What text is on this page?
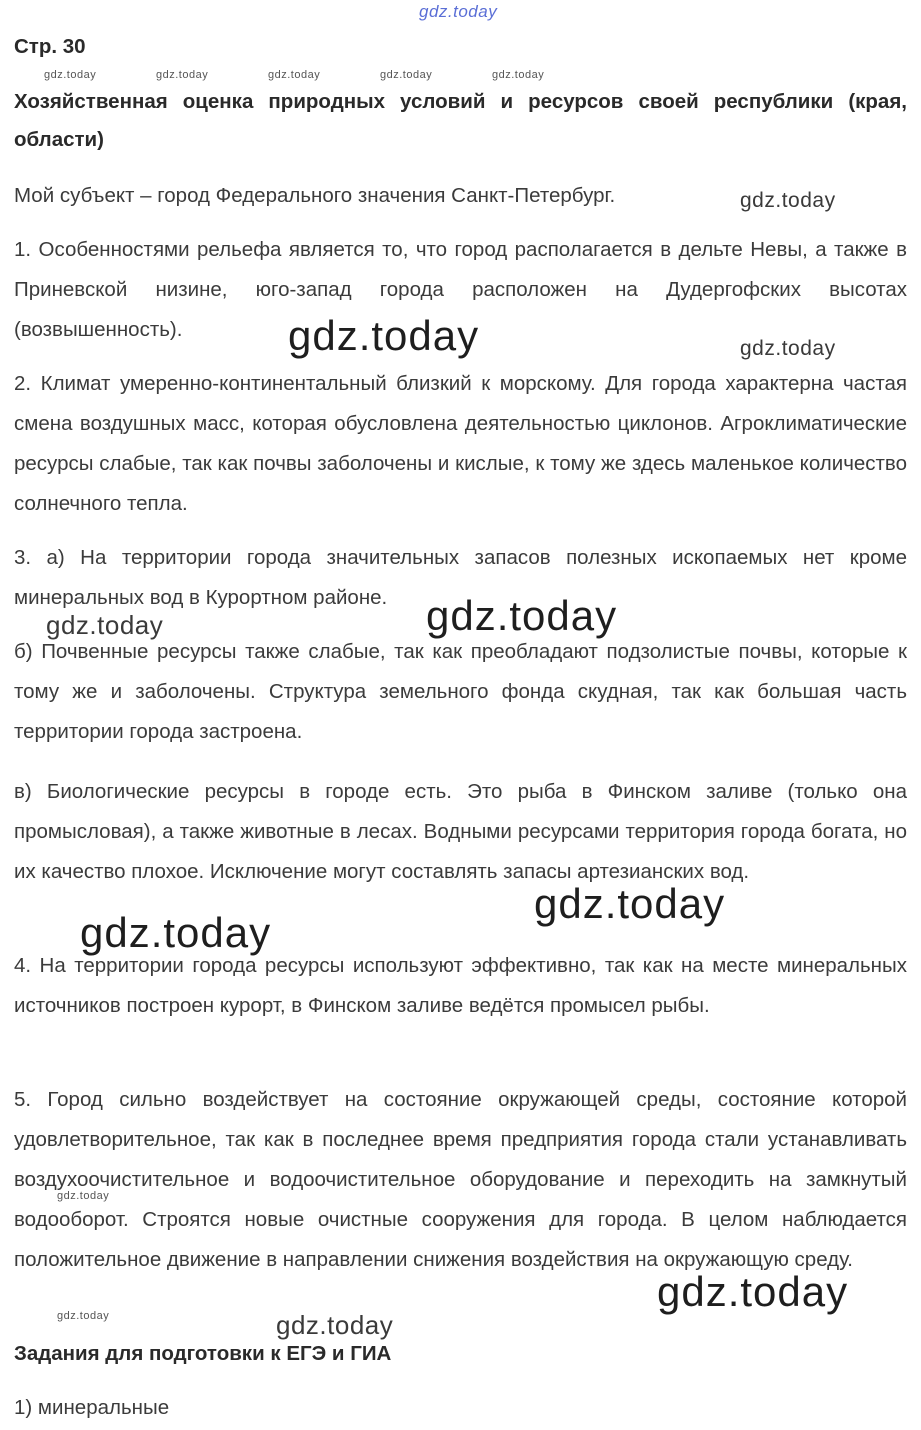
gdz.today

Стр. 30

gdz.today	gdz.today	gdz.today	gdz.today	gdz.today

Хозяйственная оценка природных условий и ресурсов своей республики (края, области)

Мой субъект – город Федерального значения Санкт-Петербург.	gdz.today

1. Особенностями рельефа является то, что город располагается в дельте Невы, а также в Приневской низине, юго-запад города расположен на Дудергофских высотах (возвышенность).	gdz.today	gdz.today

2. Климат умеренно-континентальный близкий к морскому. Для города характерна частая смена воздушных масс, которая обусловлена деятельностью циклонов. Агроклиматические ресурсы слабые, так как почвы заболочены и кислые, к тому же здесь маленькое количество солнечного тепла.

3. а) На территории города значительных запасов полезных ископаемых нет кроме минеральных вод в Курортном районе. gdz.today
gdz.today

б) Почвенные ресурсы также слабые, так как преобладают подзолистые почвы, которые к тому же и заболочены. Структура земельного фонда скудная, так как большая часть территории города застроена.

в) Биологические ресурсы в городе есть. Это рыба в Финском заливе (только она промысловая), а также животные в лесах. Водными ресурсами территория города богата, но их качество плохое. Исключение могут составлять запасы артезианских вод.

gdz.today
gdz.today

4. На территории города ресурсы используют эффективно, так как на месте минеральных источников построен курорт, в Финском заливе ведётся промысел рыбы.

5. Город сильно воздействует на состояние окружающей среды, состояние которой удовлетворительное, так как в последнее время предприятия города стали устанавливать воздухоочистительное и водоочистительное оборудование и переходить на замкнутый водооборот. Строятся новые очистные сооружения для города. В целом наблюдается положительное движение в направлении снижения воздействия на окружающую среду.

gdz.today
gdz.today
gdz.today	gdz.today

Задания для подготовки к ЕГЭ и ГИА

1) минеральные
